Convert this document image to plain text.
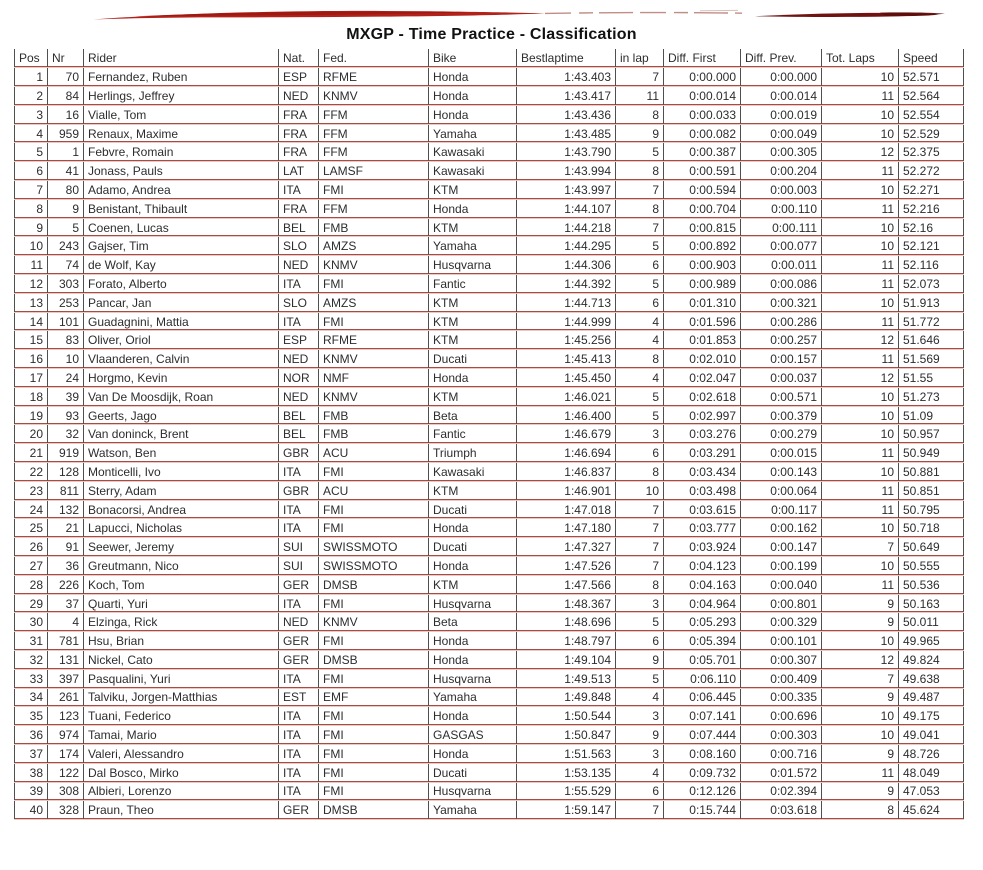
MXGP - Time Practice - Classification
Pos	Nr	Rider	Nat.	Fed.	Bike	Bestlaptime	in lap	Diff. First	Diff. Prev.	Tot. Laps	Speed
1	70	Fernandez, Ruben	ESP	RFME	Honda	1:43.403	7	0:00.000	0:00.000	10	52.571
2	84	Herlings, Jeffrey	NED	KNMV	Honda	1:43.417	11	0:00.014	0:00.014	11	52.564
3	16	Vialle, Tom	FRA	FFM	Honda	1:43.436	8	0:00.033	0:00.019	10	52.554
4	959	Renaux, Maxime	FRA	FFM	Yamaha	1:43.485	9	0:00.082	0:00.049	10	52.529
5	1	Febvre, Romain	FRA	FFM	Kawasaki	1:43.790	5	0:00.387	0:00.305	12	52.375
6	41	Jonass, Pauls	LAT	LAMSF	Kawasaki	1:43.994	8	0:00.591	0:00.204	11	52.272
7	80	Adamo, Andrea	ITA	FMI	KTM	1:43.997	7	0:00.594	0:00.003	10	52.271
8	9	Benistant, Thibault	FRA	FFM	Honda	1:44.107	8	0:00.704	0:00.110	11	52.216
9	5	Coenen, Lucas	BEL	FMB	KTM	1:44.218	7	0:00.815	0:00.111	10	52.16
10	243	Gajser, Tim	SLO	AMZS	Yamaha	1:44.295	5	0:00.892	0:00.077	10	52.121
11	74	de Wolf, Kay	NED	KNMV	Husqvarna	1:44.306	6	0:00.903	0:00.011	11	52.116
12	303	Forato, Alberto	ITA	FMI	Fantic	1:44.392	5	0:00.989	0:00.086	11	52.073
13	253	Pancar, Jan	SLO	AMZS	KTM	1:44.713	6	0:01.310	0:00.321	10	51.913
14	101	Guadagnini, Mattia	ITA	FMI	KTM	1:44.999	4	0:01.596	0:00.286	11	51.772
15	83	Oliver, Oriol	ESP	RFME	KTM	1:45.256	4	0:01.853	0:00.257	12	51.646
16	10	Vlaanderen, Calvin	NED	KNMV	Ducati	1:45.413	8	0:02.010	0:00.157	11	51.569
17	24	Horgmo, Kevin	NOR	NMF	Honda	1:45.450	4	0:02.047	0:00.037	12	51.55
18	39	Van De Moosdijk, Roan	NED	KNMV	KTM	1:46.021	5	0:02.618	0:00.571	10	51.273
19	93	Geerts, Jago	BEL	FMB	Beta	1:46.400	5	0:02.997	0:00.379	10	51.09
20	32	Van doninck, Brent	BEL	FMB	Fantic	1:46.679	3	0:03.276	0:00.279	10	50.957
21	919	Watson, Ben	GBR	ACU	Triumph	1:46.694	6	0:03.291	0:00.015	11	50.949
22	128	Monticelli, Ivo	ITA	FMI	Kawasaki	1:46.837	8	0:03.434	0:00.143	10	50.881
23	811	Sterry, Adam	GBR	ACU	KTM	1:46.901	10	0:03.498	0:00.064	11	50.851
24	132	Bonacorsi, Andrea	ITA	FMI	Ducati	1:47.018	7	0:03.615	0:00.117	11	50.795
25	21	Lapucci, Nicholas	ITA	FMI	Honda	1:47.180	7	0:03.777	0:00.162	10	50.718
26	91	Seewer, Jeremy	SUI	SWISSMOTO	Ducati	1:47.327	7	0:03.924	0:00.147	7	50.649
27	36	Greutmann, Nico	SUI	SWISSMOTO	Honda	1:47.526	7	0:04.123	0:00.199	10	50.555
28	226	Koch, Tom	GER	DMSB	KTM	1:47.566	8	0:04.163	0:00.040	11	50.536
29	37	Quarti, Yuri	ITA	FMI	Husqvarna	1:48.367	3	0:04.964	0:00.801	9	50.163
30	4	Elzinga, Rick	NED	KNMV	Beta	1:48.696	5	0:05.293	0:00.329	9	50.011
31	781	Hsu, Brian	GER	FMI	Honda	1:48.797	6	0:05.394	0:00.101	10	49.965
32	131	Nickel, Cato	GER	DMSB	Honda	1:49.104	9	0:05.701	0:00.307	12	49.824
33	397	Pasqualini, Yuri	ITA	FMI	Husqvarna	1:49.513	5	0:06.110	0:00.409	7	49.638
34	261	Talviku, Jorgen-Matthias	EST	EMF	Yamaha	1:49.848	4	0:06.445	0:00.335	9	49.487
35	123	Tuani, Federico	ITA	FMI	Honda	1:50.544	3	0:07.141	0:00.696	10	49.175
36	974	Tamai, Mario	ITA	FMI	GASGAS	1:50.847	9	0:07.444	0:00.303	10	49.041
37	174	Valeri, Alessandro	ITA	FMI	Honda	1:51.563	3	0:08.160	0:00.716	9	48.726
38	122	Dal Bosco, Mirko	ITA	FMI	Ducati	1:53.135	4	0:09.732	0:01.572	11	48.049
39	308	Albieri, Lorenzo	ITA	FMI	Husqvarna	1:55.529	6	0:12.126	0:02.394	9	47.053
40	328	Praun, Theo	GER	DMSB	Yamaha	1:59.147	7	0:15.744	0:03.618	8	45.624
